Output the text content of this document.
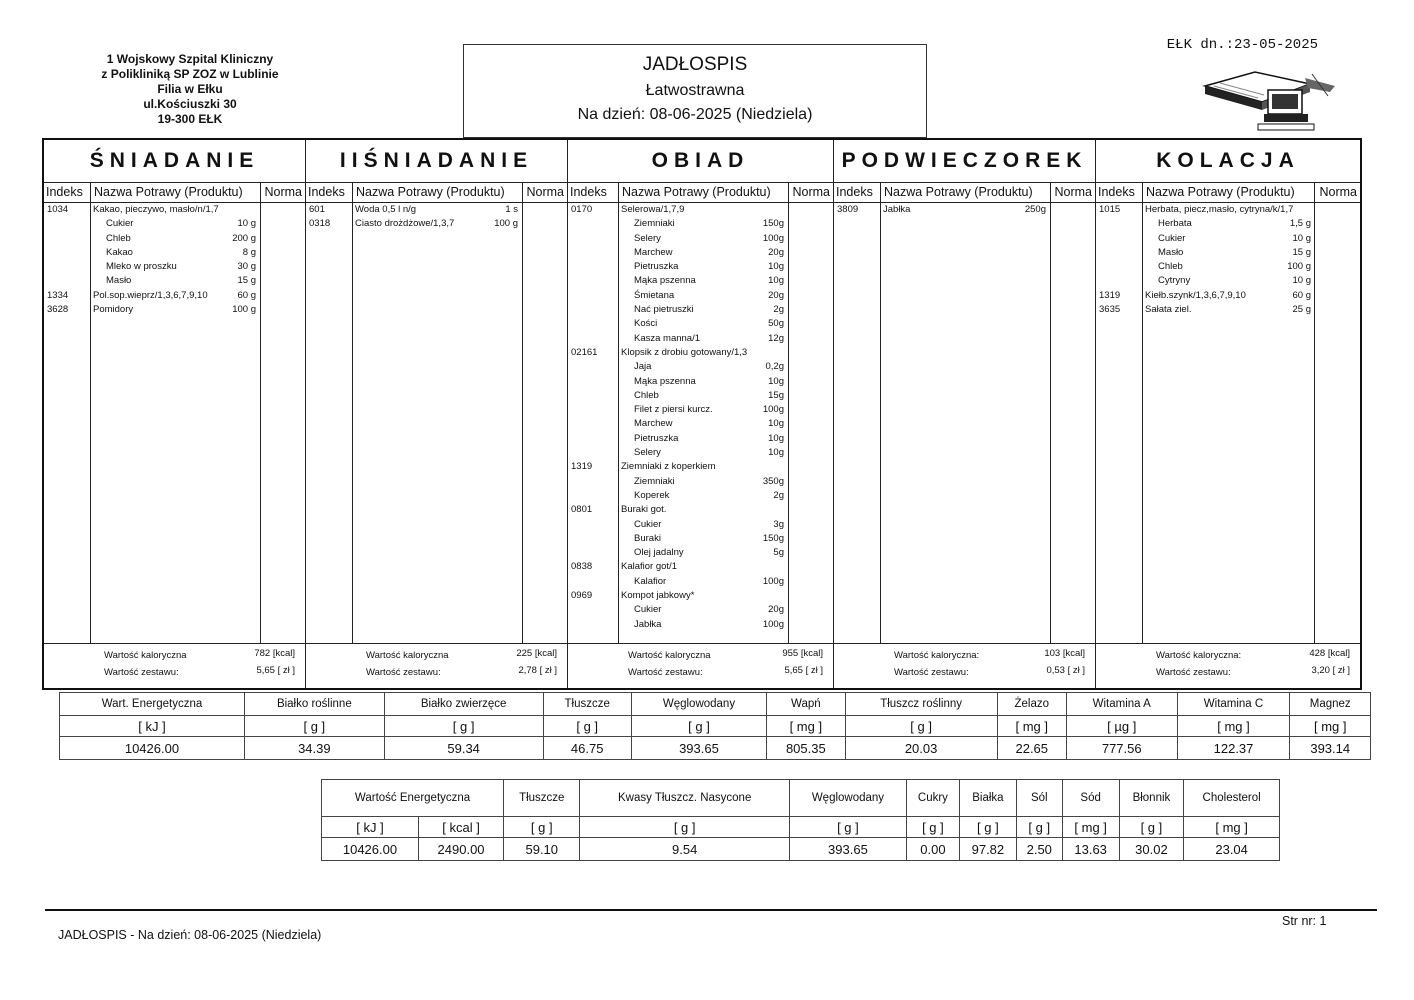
1 Wojskowy Szpital Kliniczny
z Polikliniką SP ZOZ w Lublinie
Filia w Ełku
ul.Kościuszki 30
19-300 EŁK
JADŁOSPIS
Łatwostrawna
Na dzień: 08-06-2025 (Niedziela)
EŁK dn.:23-05-2025
ŚNIADANIE
Indeks Nazwa Potrawy (Produktu) Norma
1034	Kakao, pieczywo, masło/n/1,7
Cukier	10 g
Chleb	200 g
Kakao	8 g
Mleko w proszku	30 g
Masło	15 g
1334	Pol.sop.wieprz/1,3,6,7,9,10	60 g
3628	Pomidory	100 g
Wartość kaloryczna	782 [kcal]
Wartość zestawu:	5,65 [ zł ]
IIŚNIADANIE
Indeks Nazwa Potrawy (Produktu) Norma
601	Woda 0,5 l n/g	1 s
0318	Ciasto drożdżowe/1,3,7	100 g
Wartość kaloryczna	225 [kcal]
Wartość zestawu:	2,78 [ zł ]
OBIAD
Indeks Nazwa Potrawy (Produktu) Norma
0170	Selerowa/1,7,9
Ziemniaki	150g
Selery	100g
Marchew	20g
Pietruszka	10g
Mąka pszenna	10g
Śmietana	20g
Nać pietruszki	2g
Kości	50g
Kasza manna/1	12g
02161 Klopsik z drobiu gotowany/1,3
Jaja	0,2g
Mąka pszenna	10g
Chleb	15g
Filet z piersi kurcz.	100g
Marchew	10g
Pietruszka	10g
Selery	10g
1319	Ziemniaki z koperkiem
Ziemniaki	350g
Koperek	2g
0801	Buraki got.
Cukier	3g
Buraki	150g
Olej jadalny	5g
0838	Kalafior got/1
Kalafior	100g
0969	Kompot jabkowy*
Cukier	20g
Jabłka	100g
Wartość kaloryczna	955 [kcal]
Wartość zestawu:	5,65 [ zł ]
PODWIECZOREK
Indeks Nazwa Potrawy (Produktu) Norma
3809	Jabłka	250g
Wartość kaloryczna:	103 [kcal]
Wartość zestawu:	0,53 [ zł ]
KOLACJA
Indeks Nazwa Potrawy (Produktu) Norma
1015	Herbata, piecz,masło, cytryna/k/1,7
Herbata	1,5 g
Cukier	10 g
Masło	15 g
Chleb	100 g
Cytryny	10 g
1319	Kiełb.szynk/1,3,6,7,9,10	60 g
3635	Sałata ziel.	25 g
Wartość kaloryczna:	428 [kcal]
Wartość zestawu:	3,20 [ zł ]
Wart. Energetyczna	Białko roślinne	Białko zwierzęce	Tłuszcze	Węglowodany	Wapń	Tłuszcz roślinny	Żelazo	Witamina A	Witamina C	Magnez
[ kJ ]	[ g ]	[ g ]	[ g ]	[ g ]	[ mg ]	[ g ]	[ mg ]	[ µg ]	[ mg ]	[ mg ]
10426.00	34.39	59.34	46.75	393.65	805.35	20.03	22.65	777.56	122.37	393.14
Wartość Energetyczna		Tłuszcze	Kwasy Tłuszcz. Nasycone	Węglowodany	Cukry	Białka	Sól	Sód	Błonnik	Cholesterol
[ kJ ]	[ kcal ]	[ g ]	[ g ]	[ g ]	[ g ]	[ g ]	[ g ]	[ mg ]	[ g ]	[ mg ]
10426.00	2490.00	59.10	9.54	393.65	0.00	97.82	2.50	13.63	30.02	23.04
JADŁOSPIS - Na dzień: 08-06-2025 (Niedziela)
Str nr: 1
